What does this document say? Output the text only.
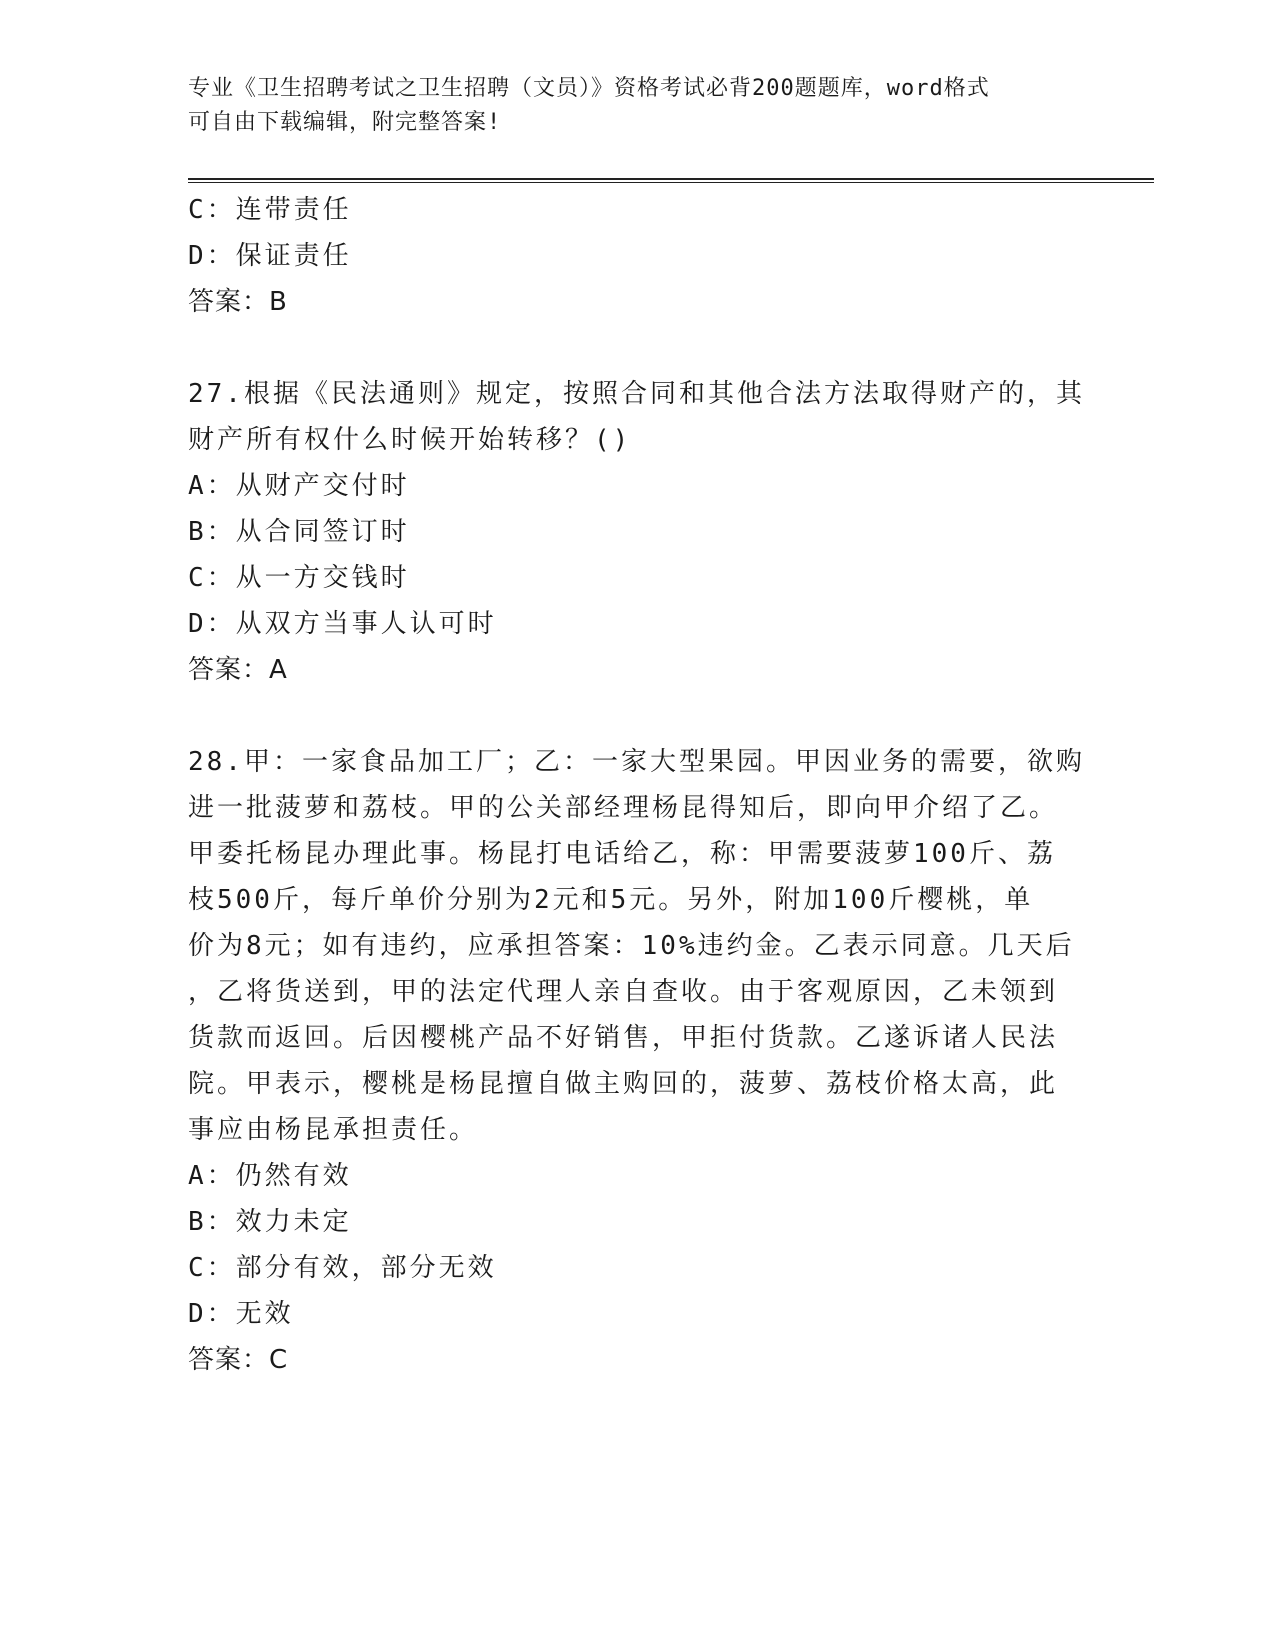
专业《卫生招聘考试之卫生招聘（文员）》资格考试必背200题题库，word格式
可自由下载编辑，附完整答案!
C：连带责任
D：保证责任
答案：B
27.根据《民法通则》规定，按照合同和其他合法方法取得财产的，其
财产所有权什么时候开始转移？()
A：从财产交付时
B：从合同签订时
C：从一方交钱时
D：从双方当事人认可时
答案：A
28.甲：一家食品加工厂；乙：一家大型果园。甲因业务的需要，欲购
进一批菠萝和荔枝。甲的公关部经理杨昆得知后，即向甲介绍了乙。
甲委托杨昆办理此事。杨昆打电话给乙，称：甲需要菠萝100斤、荔
枝500斤，每斤单价分别为2元和5元。另外，附加100斤樱桃，单
价为8元；如有违约，应承担答案：10%违约金。乙表示同意。几天后
，乙将货送到，甲的法定代理人亲自查收。由于客观原因，乙未领到
货款而返回。后因樱桃产品不好销售，甲拒付货款。乙遂诉诸人民法
院。甲表示，樱桃是杨昆擅自做主购回的，菠萝、荔枝价格太高，此
事应由杨昆承担责任。
A：仍然有效
B：效力未定
C：部分有效，部分无效
D：无效
答案：C
